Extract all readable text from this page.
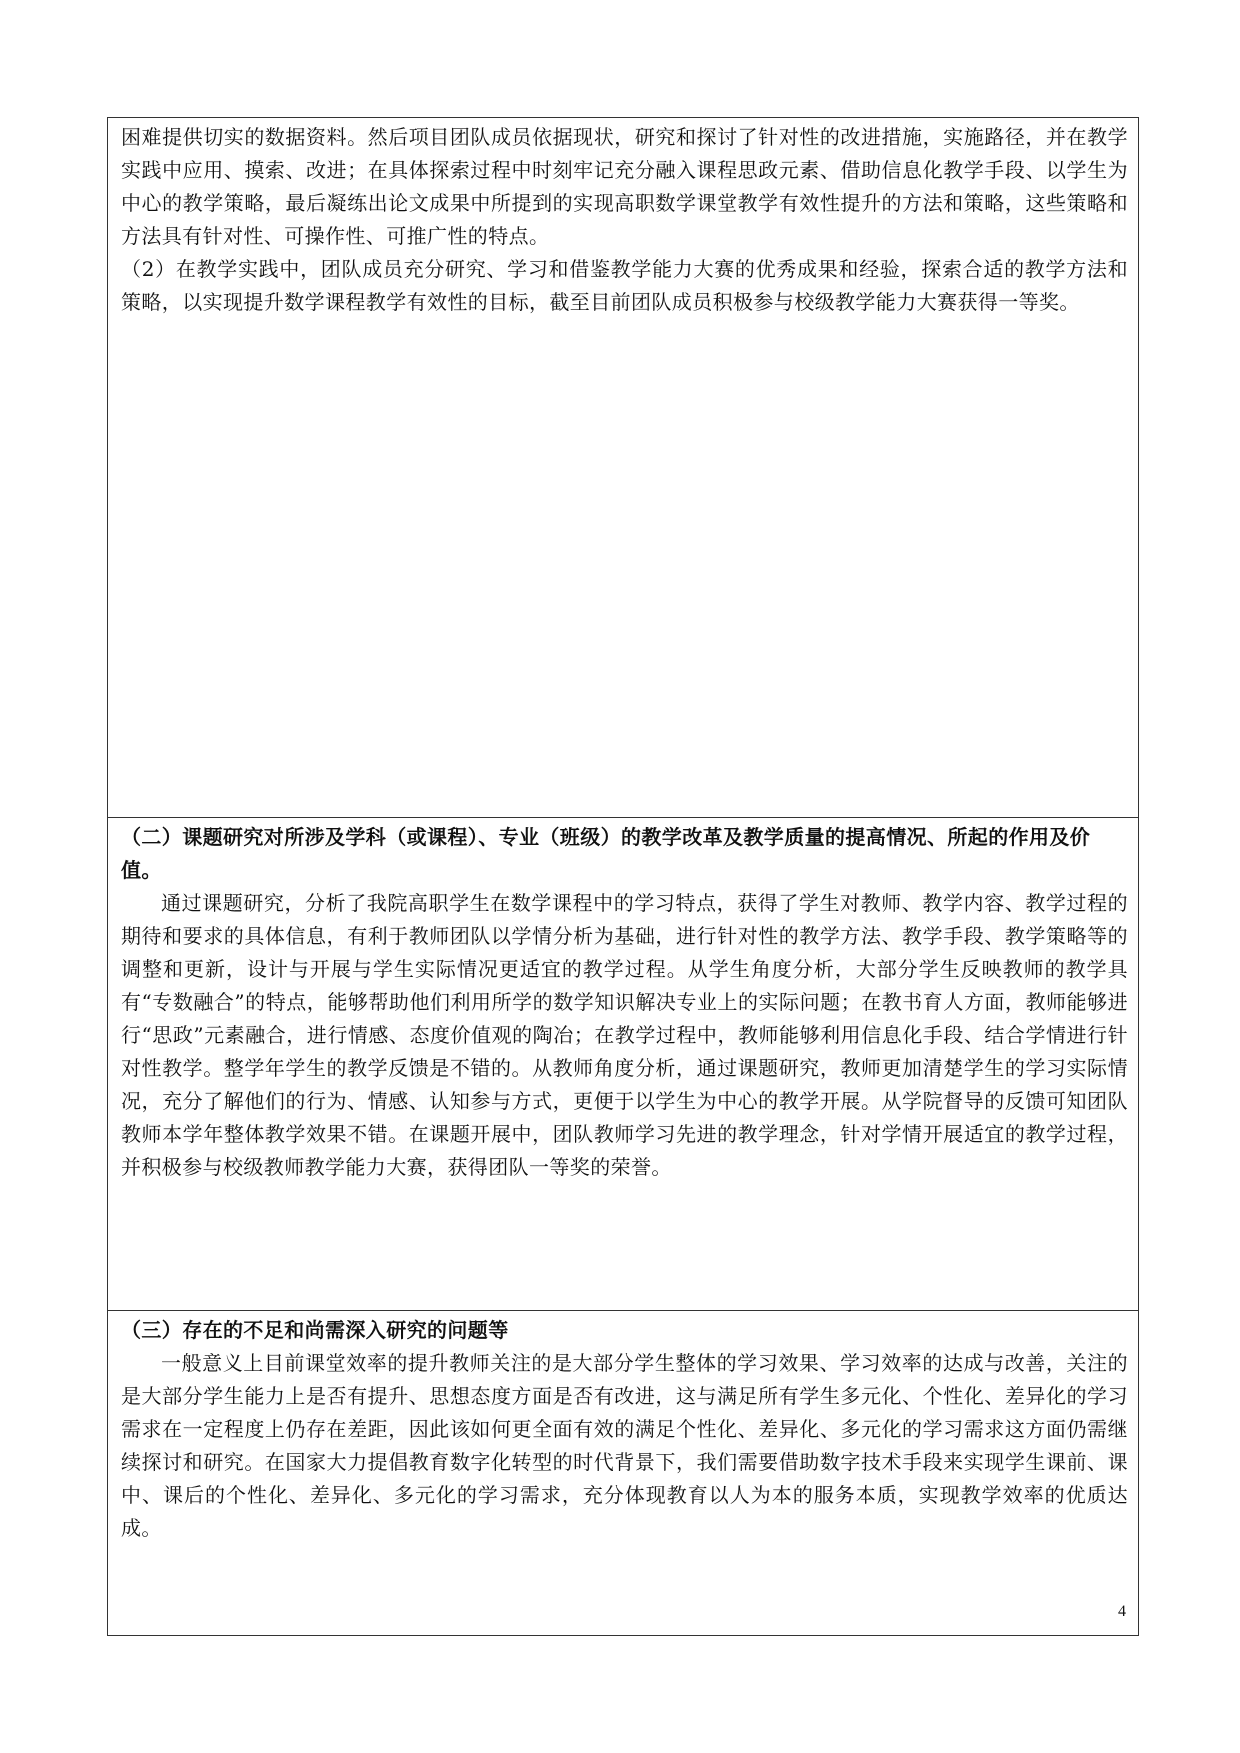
困难提供切实的数据资料。然后项目团队成员依据现状，研究和探讨了针对性的改进措施，实施路径，并在教学实践中应用、摸索、改进；在具体探索过程中时刻牢记充分融入课程思政元素、借助信息化教学手段、以学生为中心的教学策略，最后凝练出论文成果中所提到的实现高职数学课堂教学有效性提升的方法和策略，这些策略和方法具有针对性、可操作性、可推广性的特点。

（2）在教学实践中，团队成员充分研究、学习和借鉴教学能力大赛的优秀成果和经验，探索合适的教学方法和策略，以实现提升数学课程教学有效性的目标，截至目前团队成员积极参与校级教学能力大赛获得一等奖。

（二）课题研究对所涉及学科（或课程）、专业（班级）的教学改革及教学质量的提高情况、所起的作用及价值。

通过课题研究，分析了我院高职学生在数学课程中的学习特点，获得了学生对教师、教学内容、教学过程的期待和要求的具体信息，有利于教师团队以学情分析为基础，进行针对性的教学方法、教学手段、教学策略等的调整和更新，设计与开展与学生实际情况更适宜的教学过程。从学生角度分析，大部分学生反映教师的教学具有“专数融合”的特点，能够帮助他们利用所学的数学知识解决专业上的实际问题；在教书育人方面，教师能够进行“思政”元素融合，进行情感、态度价值观的陶冶；在教学过程中，教师能够利用信息化手段、结合学情进行针对性教学。整学年学生的教学反馈是不错的。从教师角度分析，通过课题研究，教师更加清楚学生的学习实际情况，充分了解他们的行为、情感、认知参与方式，更便于以学生为中心的教学开展。从学院督导的反馈可知团队教师本学年整体教学效果不错。在课题开展中，团队教师学习先进的教学理念，针对学情开展适宜的教学过程，并积极参与校级教师教学能力大赛，获得团队一等奖的荣誉。

（三）存在的不足和尚需深入研究的问题等

一般意义上目前课堂效率的提升教师关注的是大部分学生整体的学习效果、学习效率的达成与改善，关注的是大部分学生能力上是否有提升、思想态度方面是否有改进，这与满足所有学生多元化、个性化、差异化的学习需求在一定程度上仍存在差距，因此该如何更全面有效的满足个性化、差异化、多元化的学习需求这方面仍需继续探讨和研究。在国家大力提倡教育数字化转型的时代背景下，我们需要借助数字技术手段来实现学生课前、课中、课后的个性化、差异化、多元化的学习需求，充分体现教育以人为本的服务本质，实现教学效率的优质达成。

4
